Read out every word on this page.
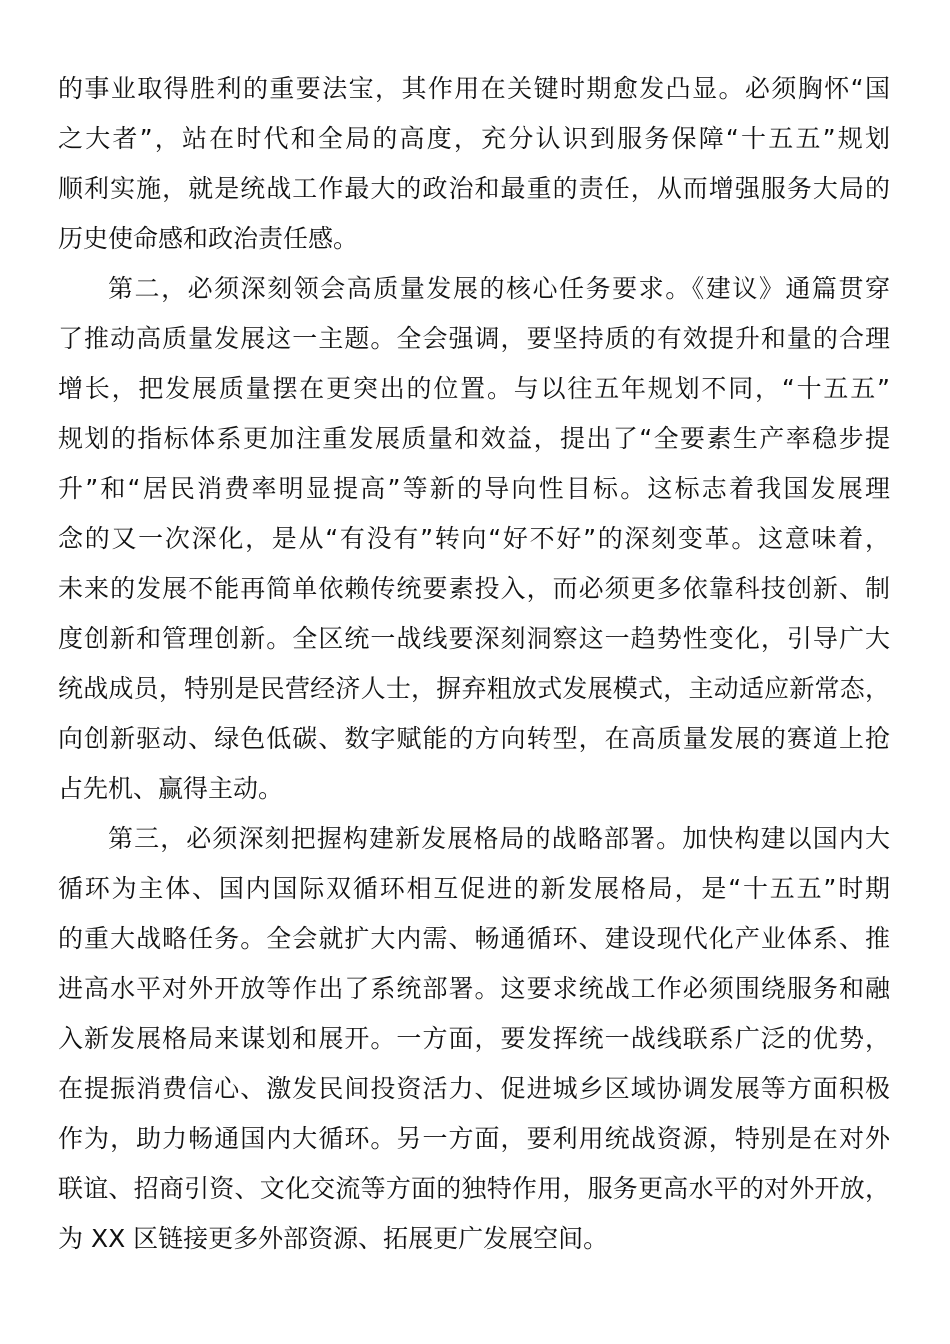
的事业取得胜利的重要法宝，其作用在关键时期愈发凸显。必须胸怀“国
之大者”，站在时代和全局的高度，充分认识到服务保障“十五五”规划
顺利实施，就是统战工作最大的政治和最重的责任，从而增强服务大局的
历史使命感和政治责任感。
第二，必须深刻领会高质量发展的核心任务要求。《建议》通篇贯穿
了推动高质量发展这一主题。全会强调，要坚持质的有效提升和量的合理
增长，把发展质量摆在更突出的位置。与以往五年规划不同，“十五五”
规划的指标体系更加注重发展质量和效益，提出了“全要素生产率稳步提
升”和“居民消费率明显提高”等新的导向性目标。这标志着我国发展理
念的又一次深化，是从“有没有”转向“好不好”的深刻变革。这意味着，
未来的发展不能再简单依赖传统要素投入，而必须更多依靠科技创新、制
度创新和管理创新。全区统一战线要深刻洞察这一趋势性变化，引导广大
统战成员，特别是民营经济人士，摒弃粗放式发展模式，主动适应新常态，
向创新驱动、绿色低碳、数字赋能的方向转型，在高质量发展的赛道上抢
占先机、赢得主动。
第三，必须深刻把握构建新发展格局的战略部署。加快构建以国内大
循环为主体、国内国际双循环相互促进的新发展格局，是“十五五”时期
的重大战略任务。全会就扩大内需、畅通循环、建设现代化产业体系、推
进高水平对外开放等作出了系统部署。这要求统战工作必须围绕服务和融
入新发展格局来谋划和展开。一方面，要发挥统一战线联系广泛的优势，
在提振消费信心、激发民间投资活力、促进城乡区域协调发展等方面积极
作为，助力畅通国内大循环。另一方面，要利用统战资源，特别是在对外
联谊、招商引资、文化交流等方面的独特作用，服务更高水平的对外开放，
为 XX 区链接更多外部资源、拓展更广发展空间。
